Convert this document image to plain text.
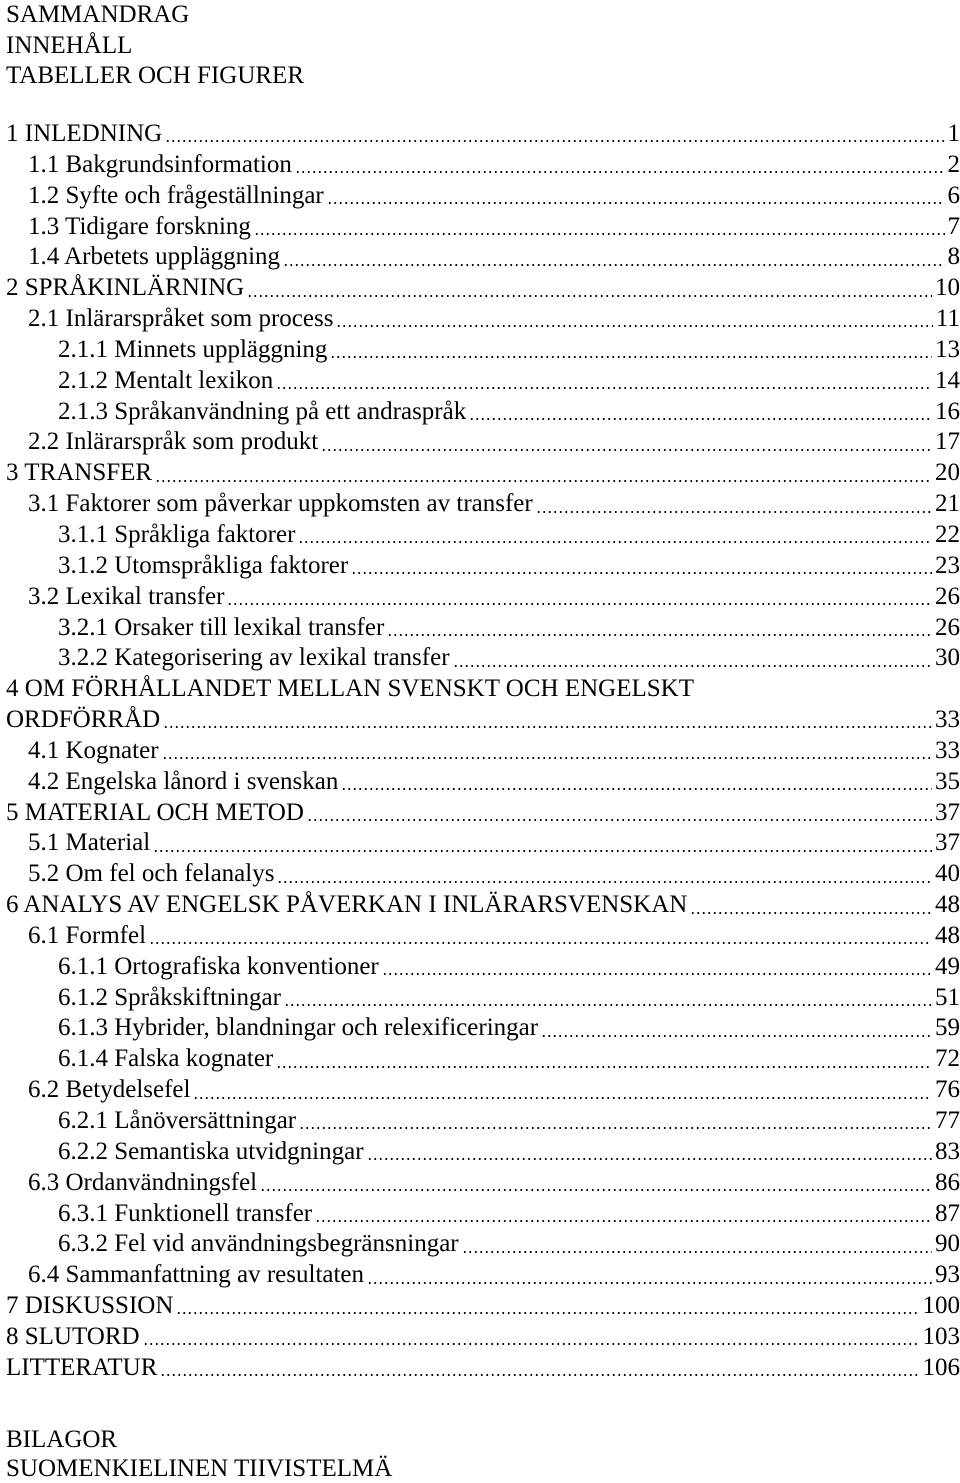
SAMMANDRAG
INNEHÅLL
TABELLER OCH FIGURER
1 INLEDNING	1
1.1 Bakgrundsinformation	2
1.2 Syfte och frågeställningar	6
1.3 Tidigare forskning	7
1.4 Arbetets uppläggning	8
2 SPRÅKINLÄRNING	10
2.1 Inlärarspråket som process	11
2.1.1 Minnets uppläggning	13
2.1.2 Mentalt lexikon	14
2.1.3 Språkanvändning på ett andraspråk	16
2.2 Inlärarspråk som produkt	17
3 TRANSFER	20
3.1 Faktorer som påverkar uppkomsten av transfer	21
3.1.1 Språkliga faktorer	22
3.1.2 Utomspråkliga faktorer	23
3.2 Lexikal transfer	26
3.2.1 Orsaker till lexikal transfer	26
3.2.2 Kategorisering av lexikal transfer	30
4 OM FÖRHÅLLANDET MELLAN SVENSKT OCH ENGELSKT
ORDFÖRRÅD	33
4.1 Kognater	33
4.2 Engelska lånord i svenskan	35
5 MATERIAL OCH METOD	37
5.1 Material	37
5.2 Om fel och felanalys	40
6 ANALYS AV ENGELSK PÅVERKAN I INLÄRARSVENSKAN	48
6.1 Formfel	48
6.1.1 Ortografiska konventioner	49
6.1.2 Språkskiftningar	51
6.1.3 Hybrider, blandningar och relexificeringar	59
6.1.4 Falska kognater	72
6.2 Betydelsefel	76
6.2.1 Lånöversättningar	77
6.2.2 Semantiska utvidgningar	83
6.3 Ordanvändningsfel	86
6.3.1 Funktionell transfer	87
6.3.2 Fel vid användningsbegränsningar	90
6.4 Sammanfattning av resultaten	93
7 DISKUSSION	100
8 SLUTORD	103
LITTERATUR	106
BILAGOR
SUOMENKIELINEN TIIVISTELMÄ
